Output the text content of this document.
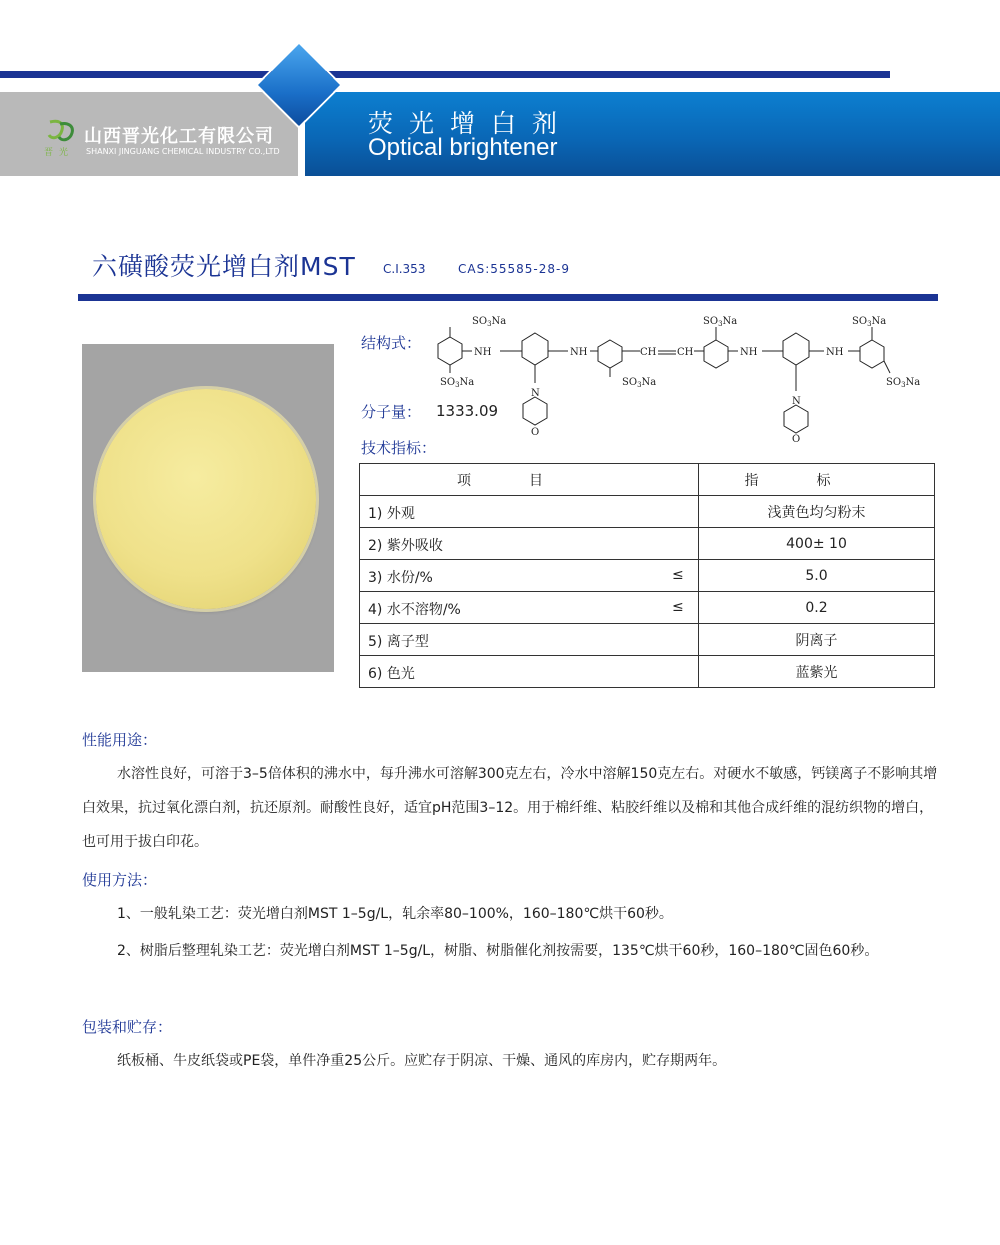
晋光
山西晋光化工有限公司
SHANXI JINGUANG CHEMICAL INDUSTRY CO.,LTD
荧光增白剂
Optical brightener
六磺酸荧光增白剂MST C.I.353	CAS:55585-28-9
结构式：
分子量： 1333.09
技术指标：
$SO_3Na$
$SO_3Na$
NH	NH
$SO_3Na$
CH CH
$SO_3Na$
NH	NH
$SO_3Na$
$SO_3Na$
N
O
N
O
项目	指标

1) 外观	浅黄色均匀粉末

2) 紫外吸收	400± 10

3) 水份/% ≤	5.0

4) 水不溶物/% ≤	0.2

5) 离子型	阴离子

6) 色光	蓝紫光
性能用途：
水溶性良好，可溶于3–5倍体积的沸水中，每升沸水可溶解300克左右，冷水中溶解150克左右。对硬水不敏感，钙镁离子不影响其增白效果，抗过氧化漂白剂，抗还原剂。耐酸性良好，适宜pH范围3–12。用于棉纤维、粘胶纤维以及棉和其他合成纤维的混纺织物的增白，也可用于拔白印花。
使用方法：
1、一般轧染工艺：荧光增白剂MST 1–5g/L，轧余率80–100%，160–180℃烘干60秒。
2、树脂后整理轧染工艺：荧光增白剂MST 1–5g/L，树脂、树脂催化剂按需要，135℃烘干60秒，160–180℃固色60秒。
包装和贮存：
纸板桶、牛皮纸袋或PE袋，单件净重25公斤。应贮存于阴凉、干燥、通风的库房内，贮存期两年。
